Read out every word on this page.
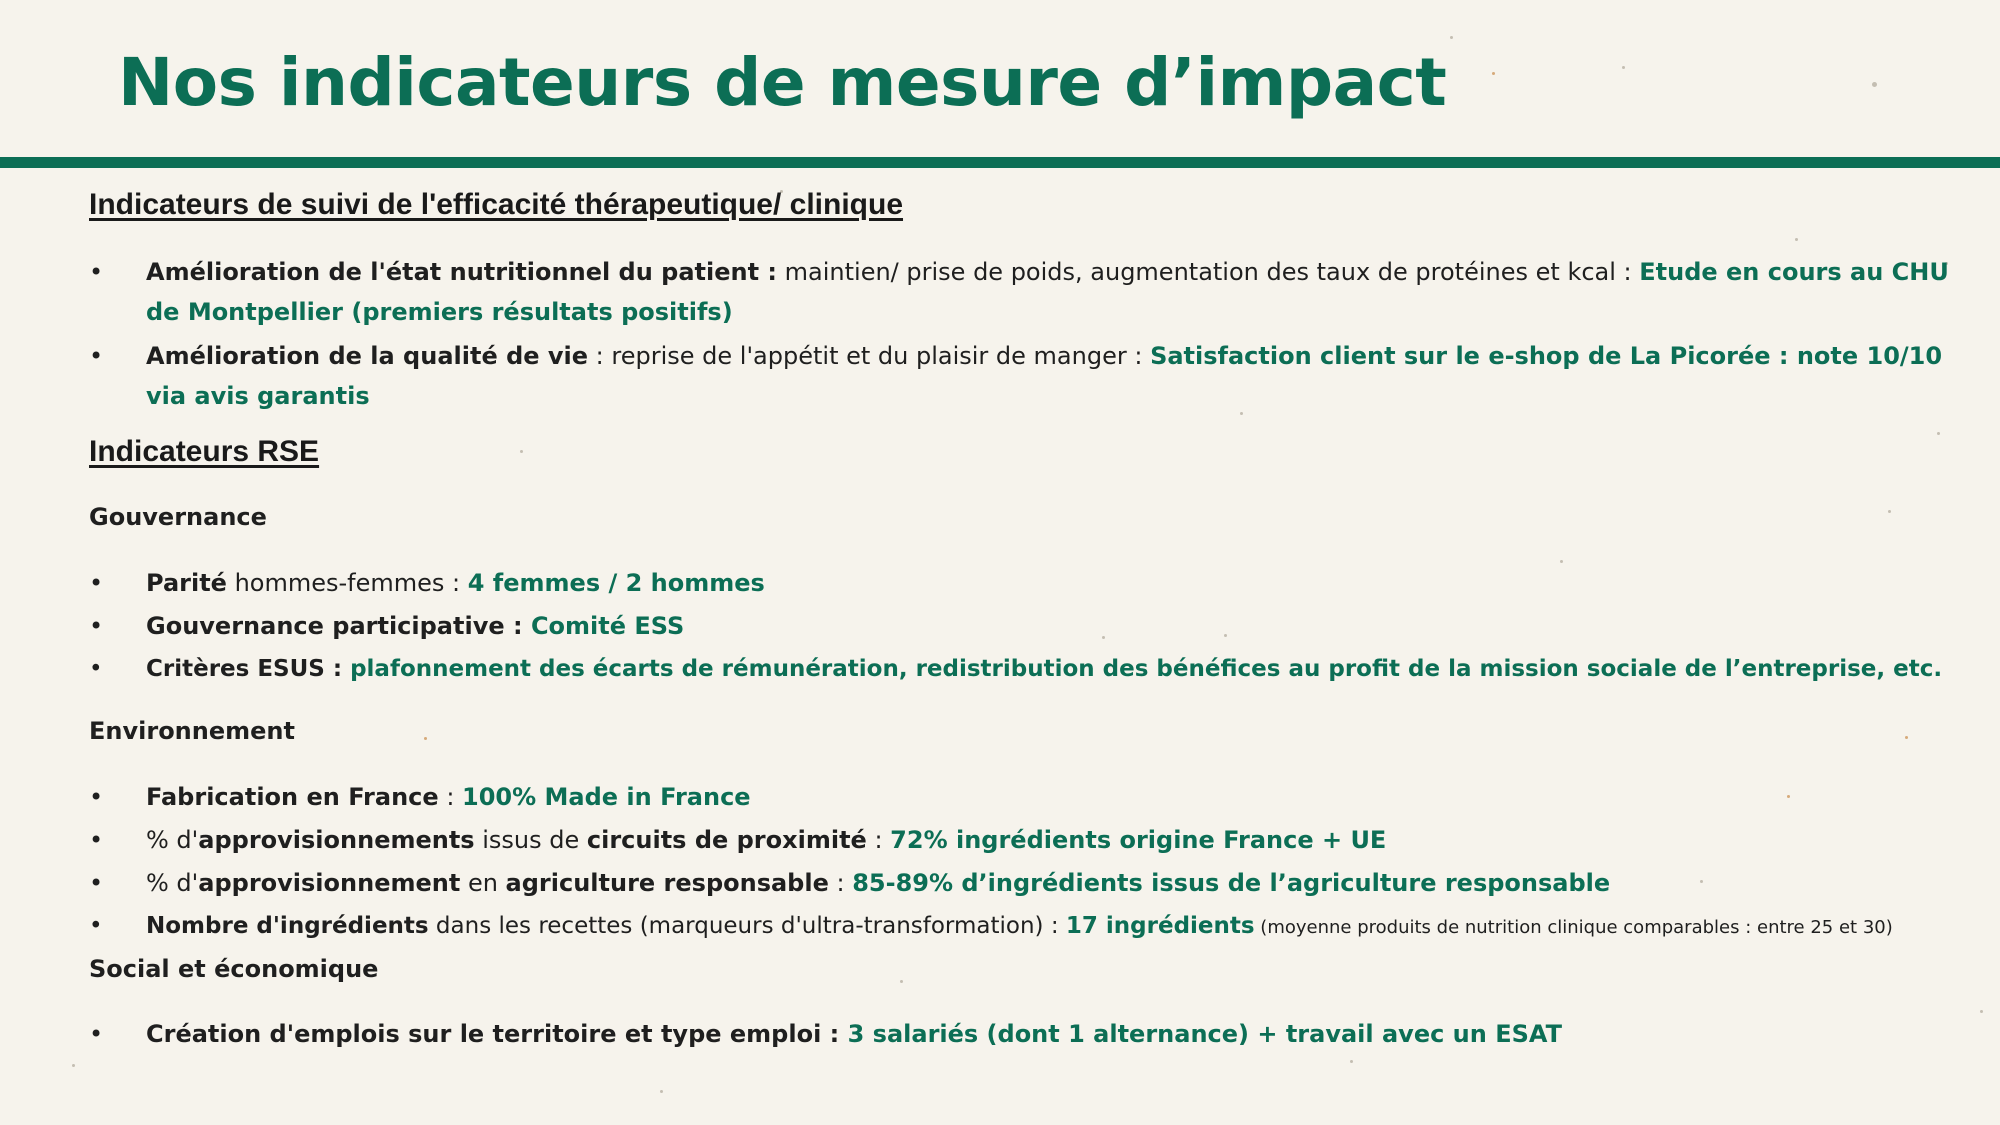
Nos indicateurs de mesure d’impact
Indicateurs de suivi de l'efficacité thérapeutique/ clinique
•	Amélioration de l'état nutritionnel du patient : maintien/ prise de poids, augmentation des taux de protéines et kcal : Etude en cours au CHU de Montpellier (premiers résultats positifs)
•	Amélioration de la qualité de vie : reprise de l'appétit et du plaisir de manger : Satisfaction client sur le e-shop de La Picorée : note 10/10 via avis garantis
Indicateurs RSE
Gouvernance
•	Parité hommes-femmes : 4 femmes / 2 hommes
•	Gouvernance participative : Comité ESS
•	Critères ESUS : plafonnement des écarts de rémunération, redistribution des bénéfices au profit de la mission sociale de l’entreprise, etc.
Environnement
•	Fabrication en France : 100% Made in France
•	% d'approvisionnements issus de circuits de proximité : 72% ingrédients origine France + UE
•	% d'approvisionnement en agriculture responsable : 85-89% d’ingrédients issus de l’agriculture responsable
•	Nombre d'ingrédients dans les recettes (marqueurs d'ultra-transformation) : 17 ingrédients (moyenne produits de nutrition clinique comparables : entre 25 et 30)
Social et économique
•	Création d'emplois sur le territoire et type emploi : 3 salariés (dont 1 alternance) + travail avec un ESAT
